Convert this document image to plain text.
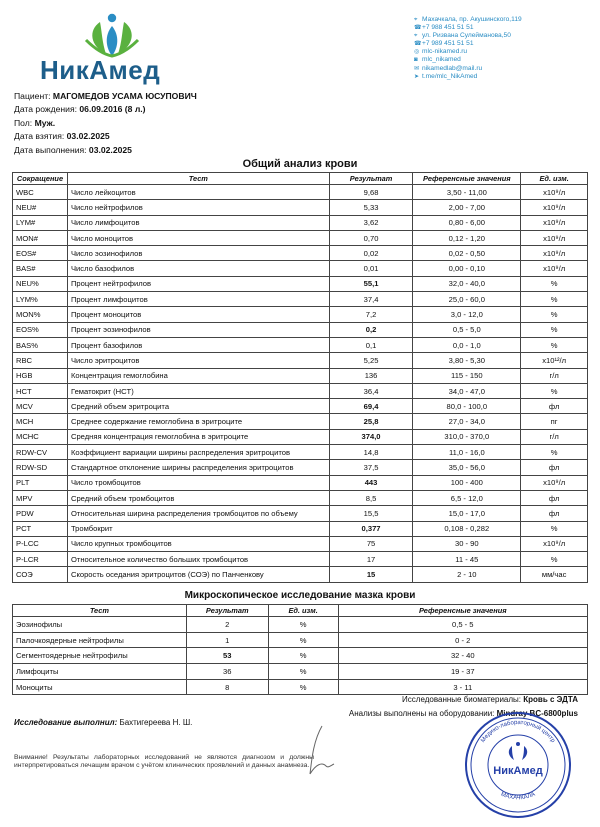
НикАмед
⌖ Махачкала, пр. Акушинского,119
☎ +7 988 451 51 51
⌖ ул. Ризвана Сулейманова,50
☎ +7 989 451 51 51
◎ mlc-nikamed.ru
◙ mlc_nikamed
✉ nikamedlab@mail.ru
➤ t.me/mlc_NikAmed
Пациент: МАГОМЕДОВ УСАМА ЮСУПОВИЧ
Дата рождения: 06.09.2016 (8 л.)
Пол: Муж.
Дата взятия: 03.02.2025
Дата выполнения: 03.02.2025
Общий анализ крови
Сокращение	Тест	Результат	Референсные значения	Ед. изм.
WBC	Число лейкоцитов	9,68	3,50 - 11,00	x10⁹/л
NEU#	Число нейтрофилов	5,33	2,00 - 7,00	x10⁹/л
LYM#	Число лимфоцитов	3,62	0,80 - 6,00	x10⁹/л
MON#	Число моноцитов	0,70	0,12 - 1,20	x10⁹/л
EOS#	Число эозинофилов	0,02	0,02 - 0,50	x10⁹/л
BAS#	Число базофилов	0,01	0,00 - 0,10	x10⁹/л
NEU%	Процент нейтрофилов	55,1	32,0 - 40,0	%
LYM%	Процент лимфоцитов	37,4	25,0 - 60,0	%
MON%	Процент моноцитов	7,2	3,0 - 12,0	%
EOS%	Процент эозинофилов	0,2	0,5 - 5,0	%
BAS%	Процент базофилов	0,1	0,0 - 1,0	%
RBC	Число эритроцитов	5,25	3,80 - 5,30	x10¹²/л
HGB	Концентрация гемоглобина	136	115 - 150	г/л
HCT	Гематокрит (HCT)	36,4	34,0 - 47,0	%
MCV	Средний объем эритроцита	69,4	80,0 - 100,0	фл
MCH	Среднее содержание гемоглобина в эритроците	25,8	27,0 - 34,0	пг
MCHC	Средняя концентрация гемоглобина в эритроците	374,0	310,0 - 370,0	г/л
RDW-CV	Коэффициент вариации ширины распределения эритроцитов	14,8	11,0 - 16,0	%
RDW-SD	Стандартное отклонение ширины распределения эритроцитов	37,5	35,0 - 56,0	фл
PLT	Число тромбоцитов	443	100 - 400	x10⁹/л
MPV	Средний объем тромбоцитов	8,5	6,5 - 12,0	фл
PDW	Относительная ширина распределения тромбоцитов по объему	15,5	15,0 - 17,0	фл
PCT	Тромбокрит	0,377	0,108 - 0,282	%
P-LCC	Число крупных тромбоцитов	75	30 - 90	x10⁹/л
P-LCR	Относительное количество больших тромбоцитов	17	11 - 45	%
СОЭ	Скорость оседания эритроцитов (СОЭ) по Панченкову	15	2 - 10	мм/час
Микроскопическое исследование мазка крови
Тест	Результат	Ед. изм.	Референсные значения
Эозинофилы	2	%	0,5 - 5
Палочкоядерные нейтрофилы	1	%	0 - 2
Сегментоядерные нейтрофилы	53	%	32 - 40
Лимфоциты	36	%	19 - 37
Моноциты	8	%	3 - 11
Исследованные биоматериалы: Кровь с ЭДТА
Анализы выполнены на оборудовании: Mindray BC-6800plus
Исследование выполнил: Бахтигереева Н. Ш.
Внимание! Результаты лабораторных исследований не являются диагнозом и должны интерпретироваться лечащим врачом с учётом клинических проявлений и данных анамнеза.
Медико-лабораторный центр
МАХАЧКАЛА
НикАмед
